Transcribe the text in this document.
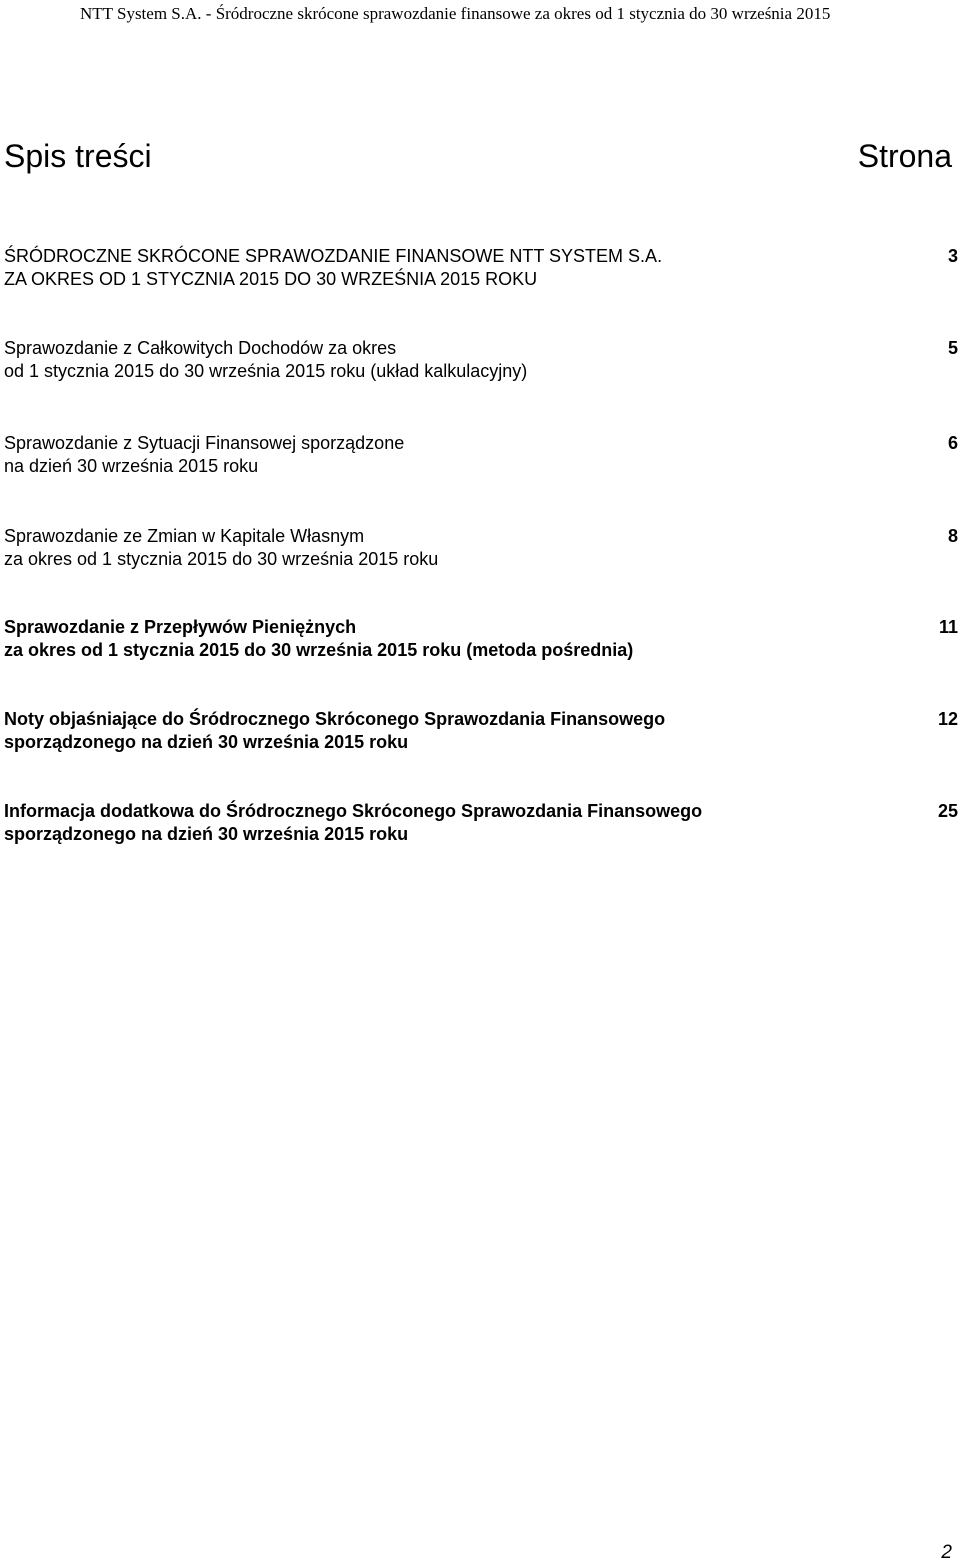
NTT System S.A. - Śródroczne skrócone sprawozdanie finansowe za okres od 1 stycznia do 30 września 2015
Spis treści	Strona
ŚRÓDROCZNE SKRÓCONE SPRAWOZDANIE FINANSOWE NTT SYSTEM S.A.
ZA OKRES OD 1 STYCZNIA 2015 DO 30 WRZEŚNIA 2015 ROKU
3
Sprawozdanie z Całkowitych Dochodów za okres
od 1 stycznia 2015 do 30 września 2015 roku (układ kalkulacyjny)
5
Sprawozdanie z Sytuacji Finansowej sporządzone
na dzień 30 września 2015 roku
6
Sprawozdanie ze Zmian w Kapitale Własnym
za okres od 1 stycznia 2015 do 30 września 2015 roku
8
Sprawozdanie z Przepływów Pieniężnych
za okres od 1 stycznia 2015 do 30 września 2015 roku (metoda pośrednia)
11
Noty objaśniające do Śródrocznego Skróconego Sprawozdania Finansowego
sporządzonego na dzień 30 września 2015 roku
12
Informacja dodatkowa do Śródrocznego Skróconego Sprawozdania Finansowego
sporządzonego na dzień 30 września 2015 roku
25
2
